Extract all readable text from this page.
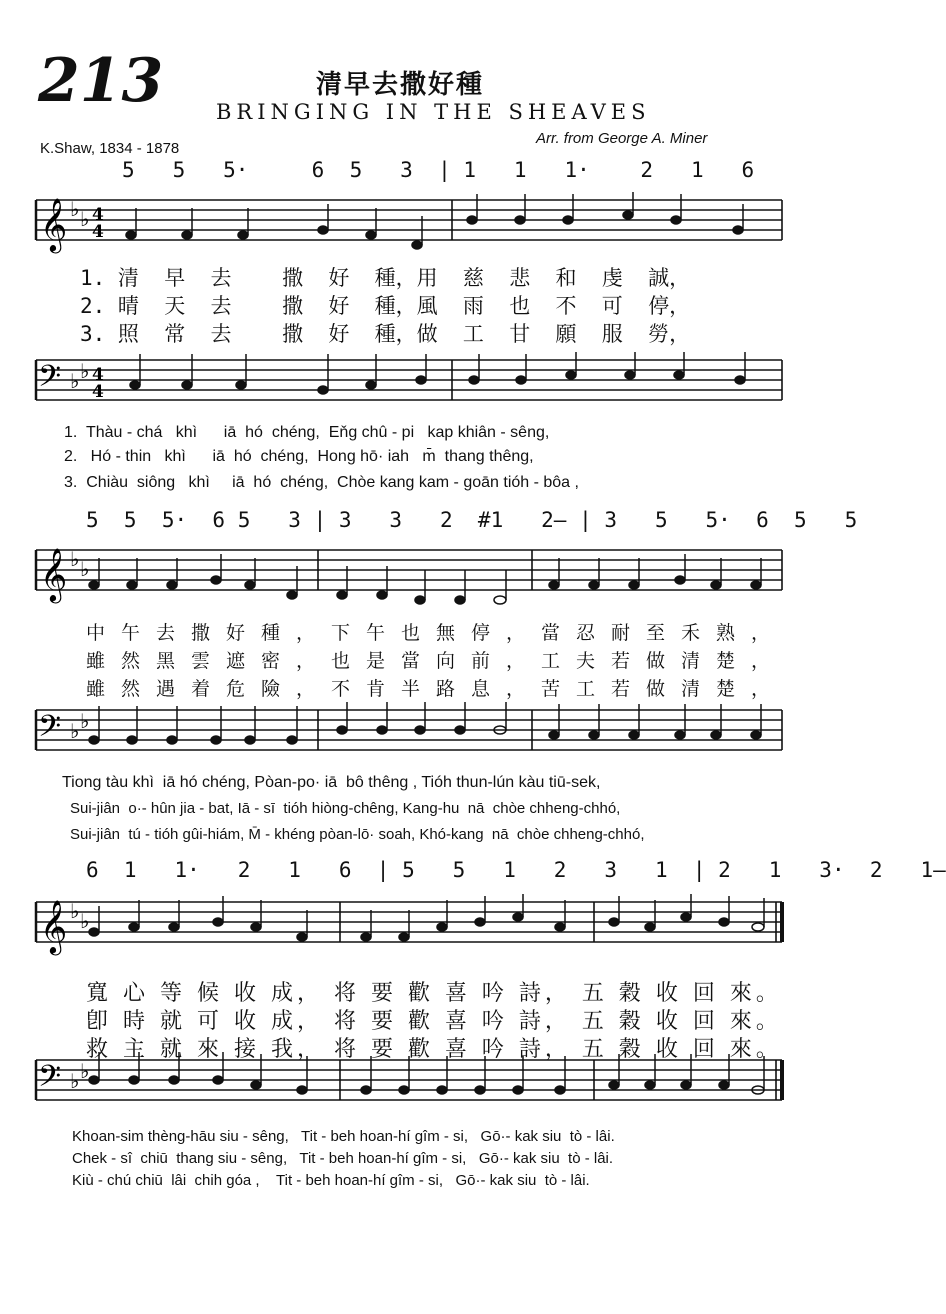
213	清早去撒好種
BRINGING IN THE SHEAVES
K.Shaw, 1834 - 1878
Arr. from George A. Miner
5   5   5·     6  5   3  | 1   1   1·    2   1   6
𝄞 ♭ ♭ 4
4
1. 清  早  去    撒  好  種，用  慈  悲  和  虔  誠，
2. 晴  天  去    撒  好  種，風  雨  也  不  可  停，
3. 照  常  去    撒  好  種，做  工  甘  願  服  勞，
𝄢 ♭ ♭ 4
4
1.  Thàu - chá   khì      iā  hó  chéng,  Eňg chû - pi   kap khiân - sêng,
2.   Hó - thin   khì      iā  hó  chéng,  Hong hō· iah   m̄  thang thêng,
3.  Chiàu  siông   khì     iā  hó  chéng,  Chòe kang kam - goān tióh - bôa ,
5  5  5·  6 5   3 | 3   3   2  #1   2— | 3   5   5·  6  5   5
𝄞 ♭ ♭
中午去撒好種，下午也無停，當忍耐至禾熟，
雖然黑雲遮密，也是當向前，工夫若做清楚，
雖然遇着危險，不肯半路息，苦工若做清楚，
𝄢 ♭ ♭
Tiong tàu khì  iā hó chéng, Pòan-po· iā  bô thêng , Tióh thun-lún kàu tiū-sek,
Sui-jiân  o·- hûn jia - bat, Iā - sī  tióh hiòng-chêng, Kang-hu  nā  chòe chheng-chhó,
Sui-jiân  tú - tióh gûi-hiám, M̄ - khéng pòan-lō· soah, Khó-kang  nā  chòe chheng-chhó,
6  1   1·   2   1   6  | 5   5   1   2   3   1  | 2   1   3·  2   1—
𝄞 ♭ ♭
寬 心 等 候 收 成， 将 要 歡 喜 吟 詩， 五 穀 收 回 來。
卽 時 就 可 收 成， 将 要 歡 喜 吟 詩， 五 穀 收 回 來。
救 主 就 來 接 我， 将 要 歡 喜 吟 詩， 五 穀 收 回 來。
𝄢 ♭ ♭
Khoan-sim thèng-hāu siu - sêng,   Tit - beh hoan-hí gîm - si,   Gō·- kak siu  tò - lâi.
Chek - sî  chiū  thang siu - sêng,   Tit - beh hoan-hí gîm - si,   Gō·- kak siu  tò - lâi.
Kiù - chú chiū  lâi  chih góa ,    Tit - beh hoan-hí gîm - si,   Gō·- kak siu  tò - lâi.
